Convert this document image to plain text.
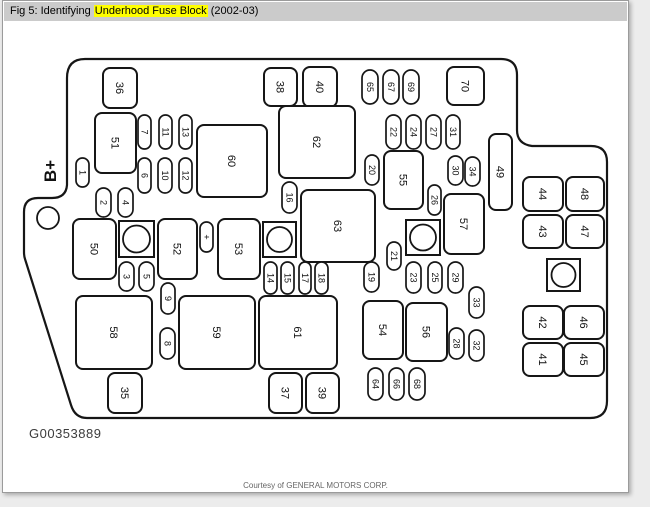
Fig 5: Identifying Underhood Fuse Block (2002-03)
36	38	40	70
51
60
62
55
49
50	52	53
63	57
58	59	61	54	56
35	37 39
44	48
43	47
42	46
41	45
1
2 4
7 11 13
6 10 12
16
65 67 69
22 24 27 31
20	30 34
26
+
21
19	23 25 29
33
14 15 17 18
3 5
9
8	28 32
64 66 68
B+
G00353889
Courtesy of GENERAL MOTORS CORP.
